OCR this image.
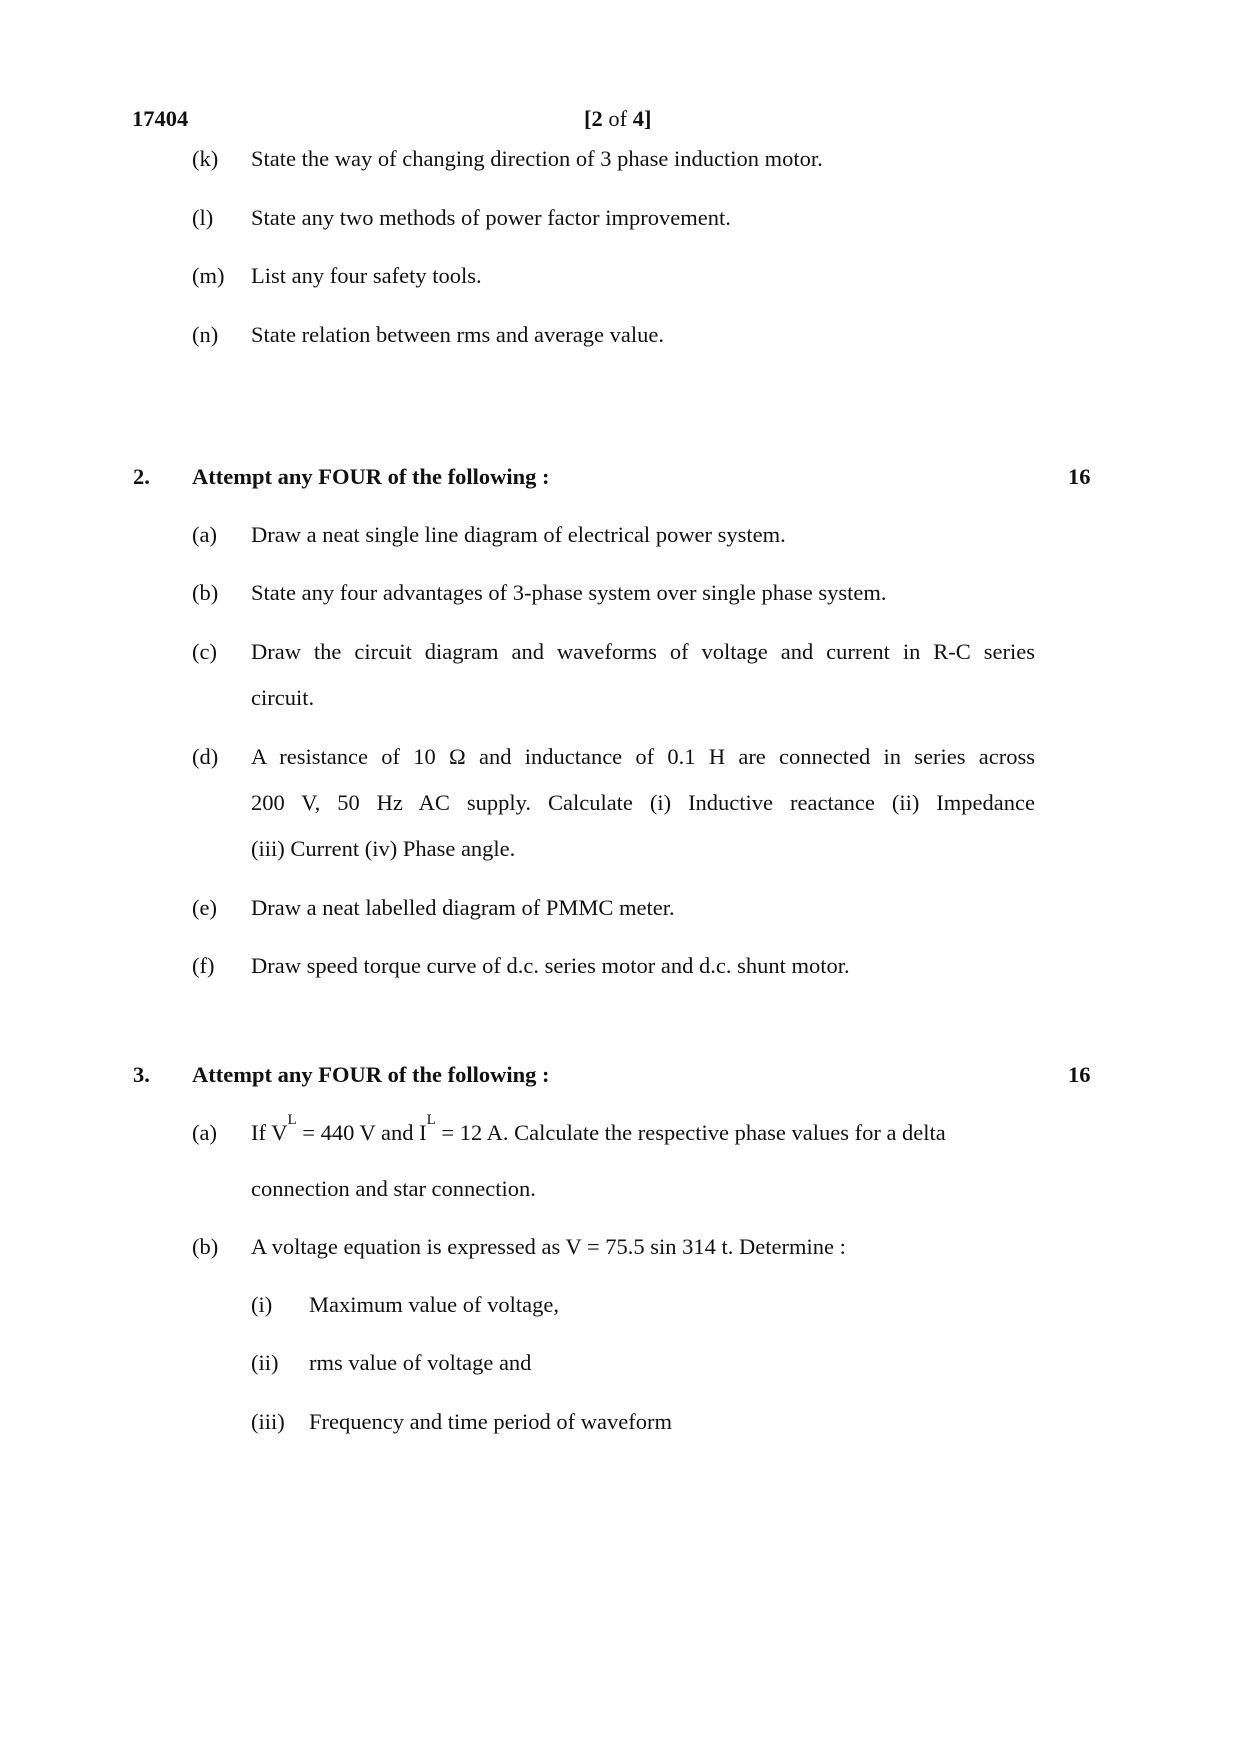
17404	[2 of 4]
(k) State the way of changing direction of 3 phase induction motor.
(l) State any two methods of power factor improvement.
(m) List any four safety tools.
(n) State relation between rms and average value.
2. Attempt any FOUR of the following :	16
(a) Draw a neat single line diagram of electrical power system.
(b) State any four advantages of 3-phase system over single phase system.
(c) Draw the circuit diagram and waveforms of voltage and current in R-C series
circuit.
(d) A resistance of 10 Ω and inductance of 0.1 H are connected in series across
200 V, 50 Hz AC supply. Calculate (i) Inductive reactance (ii) Impedance
(iii) Current (iv) Phase angle.
(e) Draw a neat labelled diagram of PMMC meter.
(f) Draw speed torque curve of d.c. series motor and d.c. shunt motor.
3. Attempt any FOUR of the following :	16
(a) If V L = 440 V and I L = 12 A. Calculate the respective phase values for a delta
connection and star connection.
(b) A voltage equation is expressed as V = 75.5 sin 314 t. Determine :
(i) Maximum value of voltage,
(ii) rms value of voltage and
(iii) Frequency and time period of waveform
